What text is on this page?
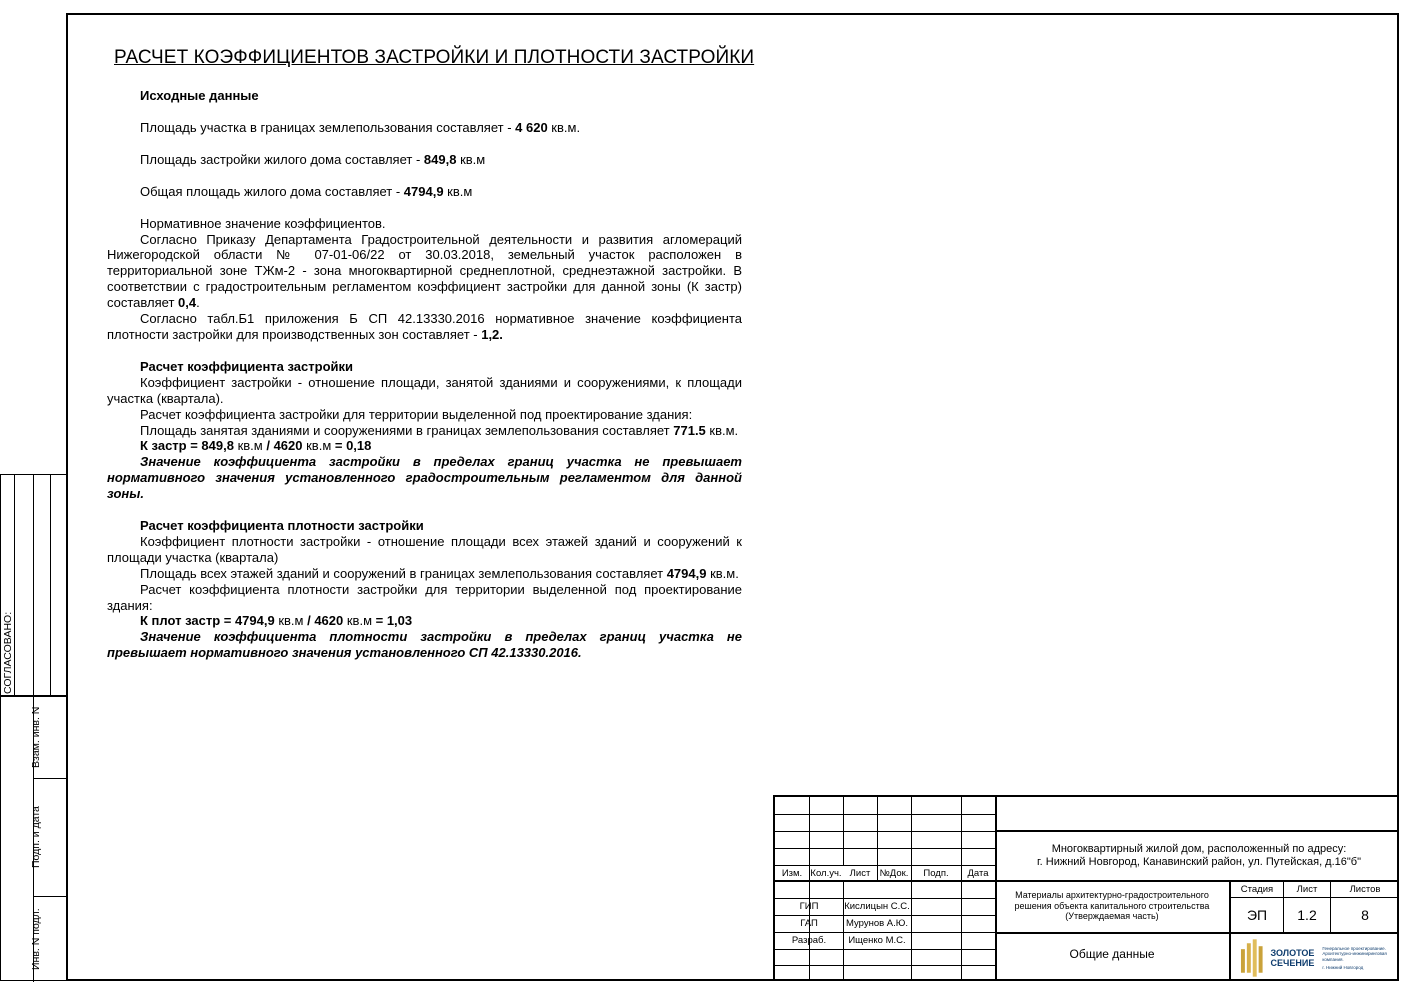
СОГЛАСОВАНО:
Взам. инв. N
Подп. и дата
Инв. N подл.
РАСЧЕТ КОЭФФИЦИЕНТОВ ЗАСТРОЙКИ И ПЛОТНОСТИ ЗАСТРОЙКИ

Исходные данные

Площадь участка в границах землепользования составляет - 4 620 кв.м.

Площадь застройки жилого дома составляет - 849,8 кв.м

Общая площадь жилого дома составляет - 4794,9 кв.м

Нормативное значение коэффициентов.

Согласно Приказу Департамента Градостроительной деятельности и развития агломераций Нижегородской области № 07-01-06/22 от 30.03.2018, земельный участок расположен в территориальной зоне ТЖм-2 - зона многоквартирной среднеплотной, среднеэтажной застройки. В соответствии с градостроительным регламентом коэффициент застройки для данной зоны (К застр) составляет 0,4.

Согласно табл.Б1 приложения Б СП 42.13330.2016 нормативное значение коэффициента плотности застройки для производственных зон составляет - 1,2.

Расчет коэффициента застройки

Коэффициент застройки - отношение площади, занятой зданиями и сооружениями, к площади участка (квартала).

Расчет коэффициента застройки для территории выделенной под проектирование здания:

Площадь занятая зданиями и сооружениями в границах землепользования составляет 771.5 кв.м.

К застр = 849,8 кв.м / 4620 кв.м = 0,18

Значение коэффициента застройки в пределах границ участка не превышает нормативного значения установленного градостроительным регламентом для данной зоны.

Расчет коэффициента плотности застройки

Коэффициент плотности застройки - отношение площади всех этажей зданий и сооружений к площади участка (квартала)

Площадь всех этажей зданий и сооружений в границах землепользования составляет 4794,9 кв.м.

Расчет коэффициента плотности застройки для территории выделенной под проектирование здания:

К плот застр = 4794,9 кв.м / 4620 кв.м = 1,03

Значение коэффициента плотности застройки в пределах границ участка не превышает нормативного значения установленного СП 42.13330.2016.

Изм. Кол.уч. Лист №Док.	Подп.	Дата
ГИП	Кислицын С.С.
ГАП	Мурунов А.Ю.
Разраб.	Ищенко М.С.
Многоквартирный жилой дом, расположенный по адресу:
г. Нижний Новгород, Канавинский район, ул. Путейская, д.16"б"
Материалы архитектурно-градостроительного решения объекта капитального строительства (Утверждаемая часть)
Стадия	Лист	Листов
ЭП	1.2	8
Общие данные	ЗОЛОТОЕ
СЕЧЕНИЕ
Генеральное проектирование. Архитектурно-инжиниринговая компания.
г. Нижний Новгород
